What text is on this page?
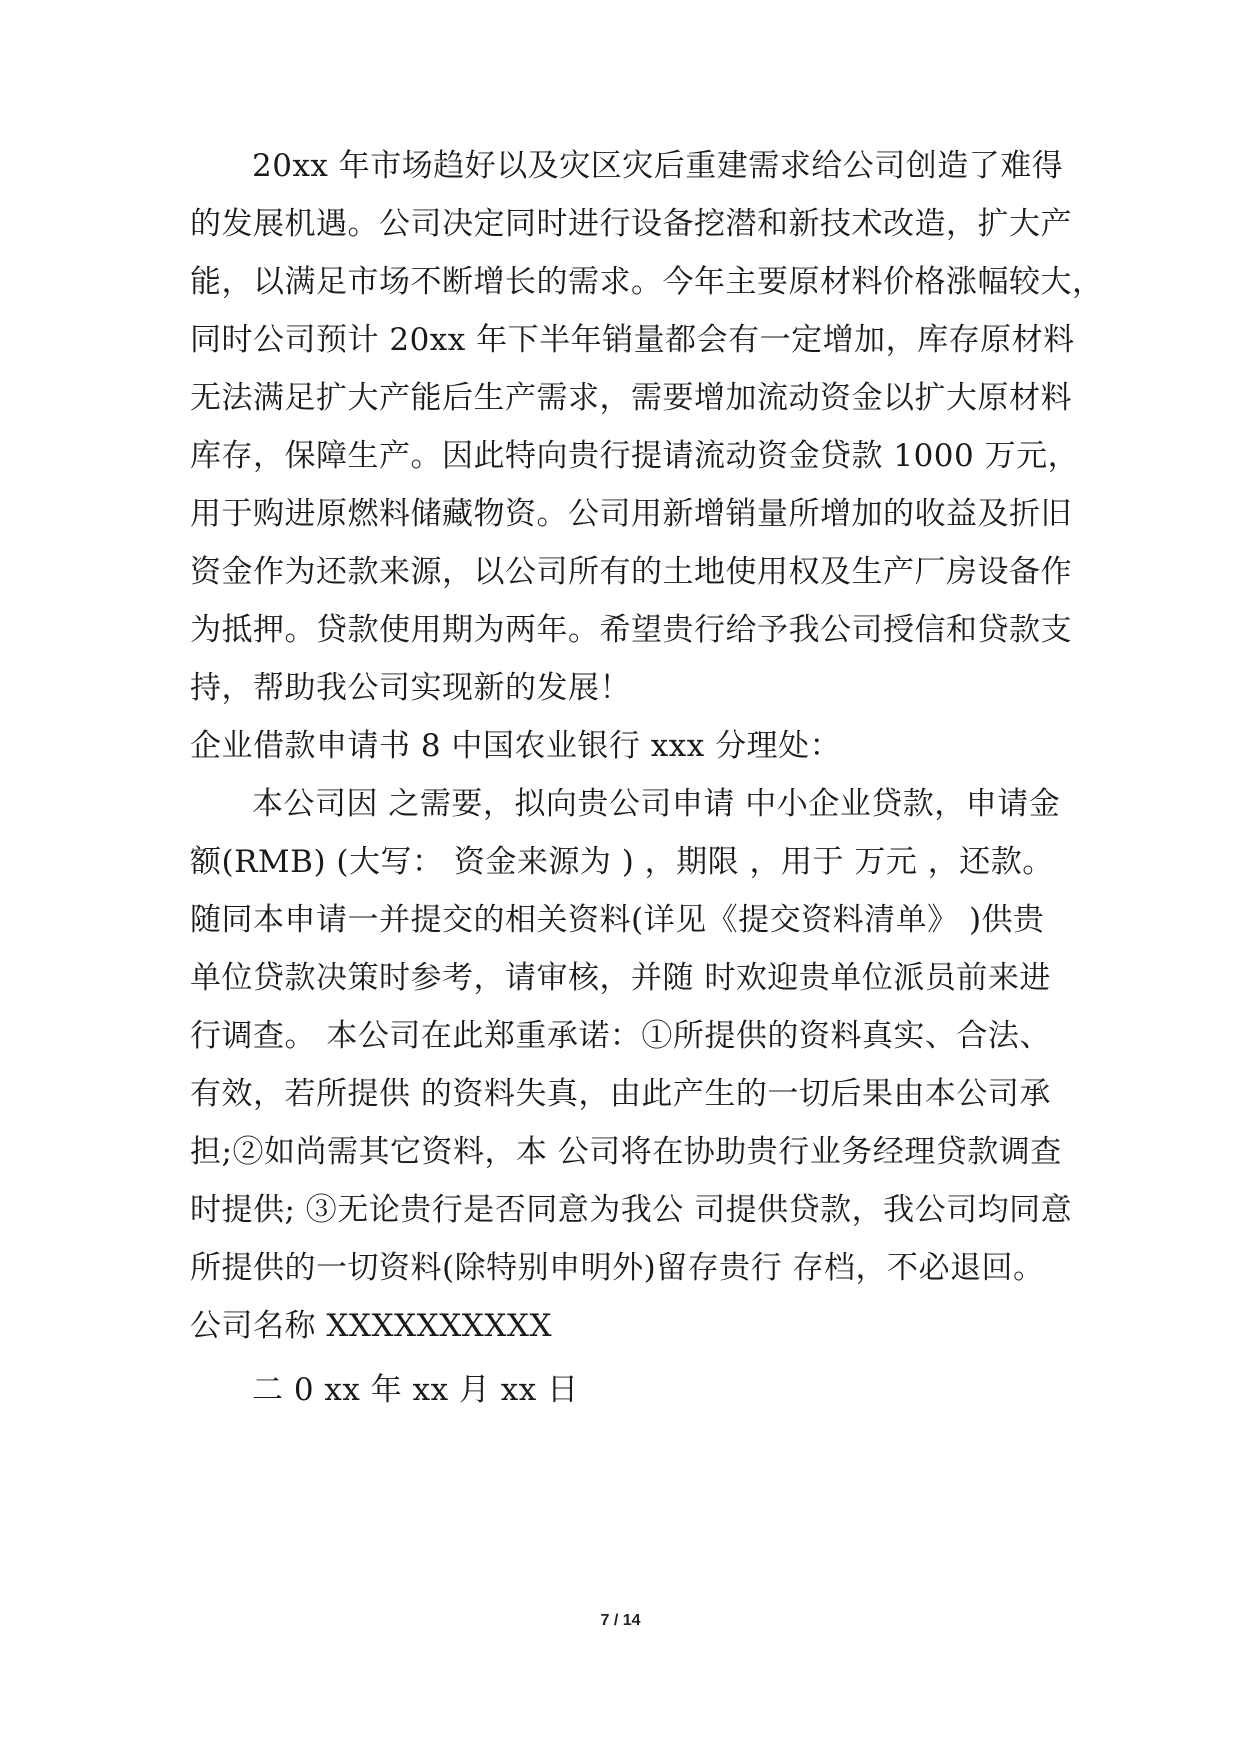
20xx 年市场趋好以及灾区灾后重建需求给公司创造了难得
的发展机遇。公司决定同时进行设备挖潜和新技术改造，扩大产
能，以满足市场不断增长的需求。今年主要原材料价格涨幅较大，
同时公司预计 20xx 年下半年销量都会有一定增加，库存原材料
无法满足扩大产能后生产需求，需要增加流动资金以扩大原材料
库存，保障生产。因此特向贵行提请流动资金贷款 1000 万元，
用于购进原燃料储藏物资。公司用新增销量所增加的收益及折旧
资金作为还款来源，以公司所有的土地使用权及生产厂房设备作
为抵押。贷款使用期为两年。希望贵行给予我公司授信和贷款支
持，帮助我公司实现新的发展！
企业借款申请书 8 中国农业银行 xxx 分理处：
本公司因 之需要，拟向贵公司申请 中小企业贷款，申请金
额(RMB) (大写： 资金来源为 ) ，期限 ，用于 万元 ，还款。
随同本申请一并提交的相关资料(详见《提交资料清单》 )供贵
单位贷款决策时参考，请审核，并随 时欢迎贵单位派员前来进
行调查。 本公司在此郑重承诺：①所提供的资料真实、合法、
有效，若所提供 的资料失真，由此产生的一切后果由本公司承
担;②如尚需其它资料，本 公司将在协助贵行业务经理贷款调查
时提供; ③无论贵行是否同意为我公 司提供贷款，我公司均同意
所提供的一切资料(除特别申明外)留存贵行 存档，不必退回。
公司名称 XXXXXXXXXX
二 0 xx 年 xx 月 xx 日
7 / 14
